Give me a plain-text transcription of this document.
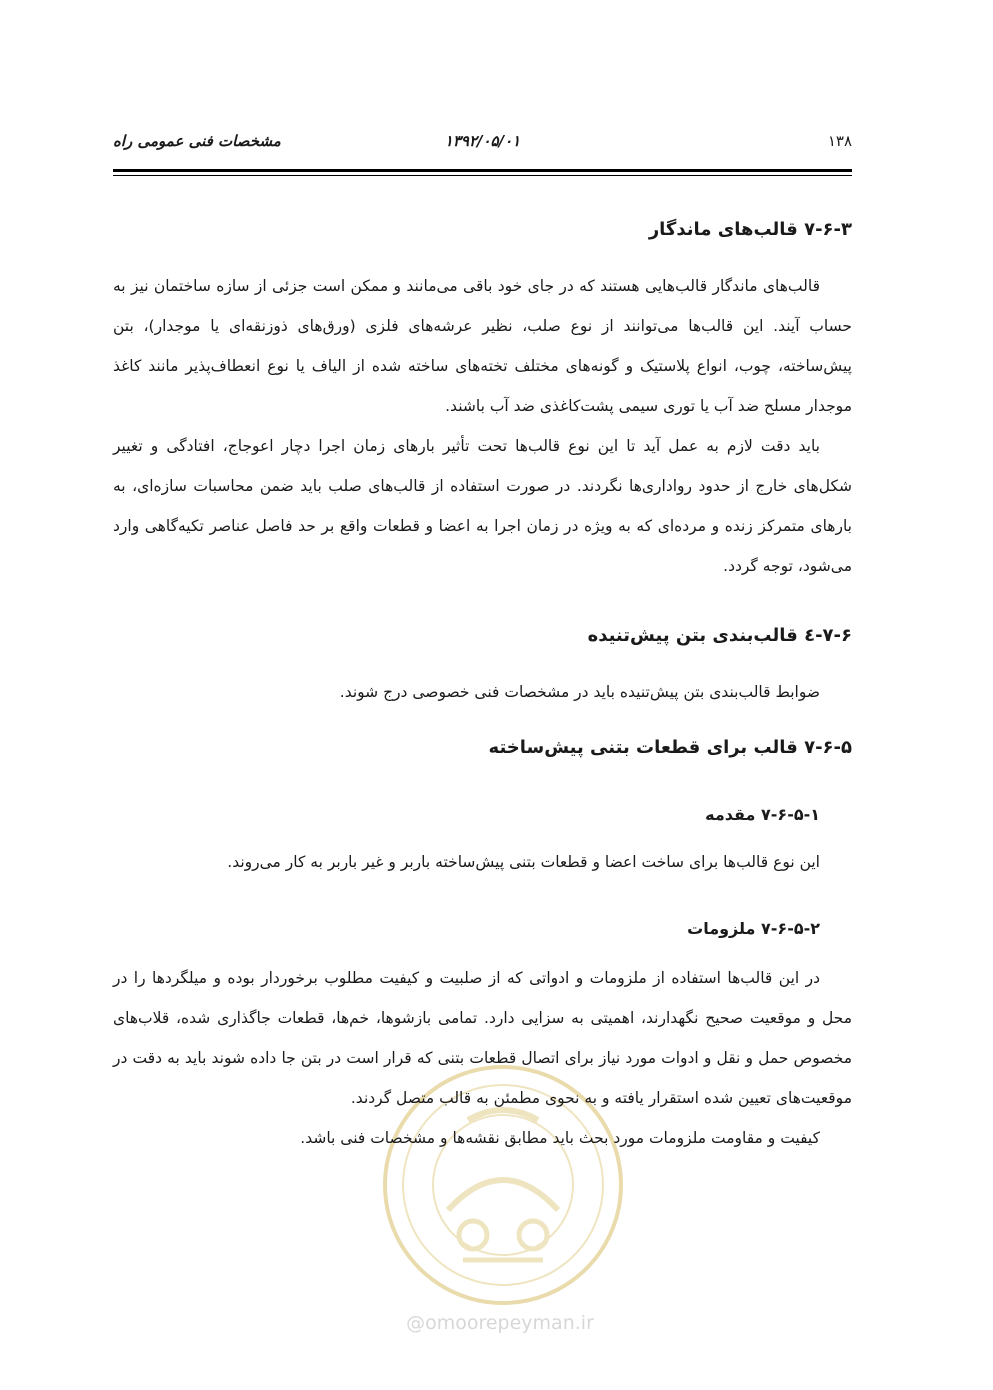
۱۳۸
۱۳۹۲/۰۵/۰۱
مشخصات فنی عمومی راه
@omoorepeyman.ir
۷-۶-۳ قالب‌های ماندگار

قالب‌های ماندگار قالب‌هایی هستند که در جای خود باقی می‌مانند و ممکن است جزئی از سازه ساختمان نیز به حساب آیند. این قالب‌ها می‌توانند از نوع صلب، نظیر عرشه‌های فلزی (ورق‌های ذوزنقه‌ای یا موجدار)، بتن پیش‌ساخته، چوب، انواع پلاستیک و گونه‌های مختلف تخته‌های ساخته شده از الیاف یا نوع انعطاف‌پذیر مانند کاغذ موجدار مسلح ضد آب یا توری سیمی پشت‌کاغذی ضد آب باشند.

باید دقت لازم به عمل آید تا این نوع قالب‌ها تحت تأثیر بارهای زمان اجرا دچار اعوجاج، افتادگی و تغییر شکل‌های خارج از حدود رواداری‌ها نگردند. در صورت استفاده از قالب‌های صلب باید ضمن محاسبات سازه‌ای، به بارهای متمرکز زنده و مرده‌ای که به ویژه در زمان اجرا به اعضا و قطعات واقع بر حد فاصل عناصر تکیه‌گاهی وارد می‌شود، توجه گردد.

۷-۶-٤ قالب‌بندی بتن پیش‌تنیده

ضوابط قالب‌بندی بتن پیش‌تنیده باید در مشخصات فنی خصوصی درج شوند.

۷-۶-۵ قالب برای قطعات بتنی پیش‌ساخته
۷-۶-۵-۱ مقدمه

این نوع قالب‌ها برای ساخت اعضا و قطعات بتنی پیش‌ساخته باربر و غیر باربر به کار می‌روند.

۷-۶-۵-۲ ملزومات

در این قالب‌ها استفاده از ملزومات و ادواتی که از صلبیت و کیفیت مطلوب برخوردار بوده و میلگردها را در محل و موقعیت صحیح نگهدارند، اهمیتی به سزایی دارد. تمامی بازشوها، خم‌ها، قطعات جاگذاری شده، قلاب‌های مخصوص حمل و نقل و ادوات مورد نیاز برای اتصال قطعات بتنی که قرار است در بتن جا داده شوند باید به دقت در موقعیت‌های تعیین شده استقرار یافته و به نحوی مطمئن به قالب متصل گردند.

کیفیت و مقاومت ملزومات مورد بحث باید مطابق نقشه‌ها و مشخصات فنی باشد.
